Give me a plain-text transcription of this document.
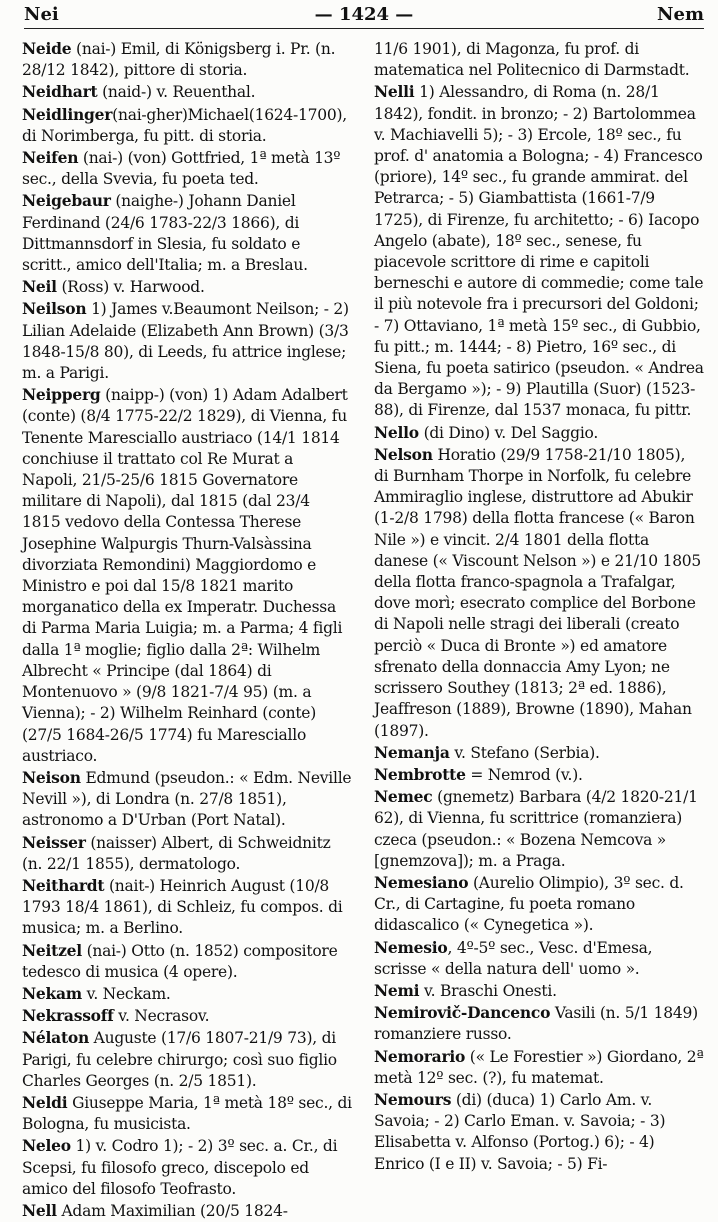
Nei	— 1424 —	Nem

Neide (nai-) Emil, di Königsberg i. Pr. (n. 28/12 1842), pittore di storia.

Neidhart (naid-) v. Reuenthal.

Neidlinger(nai-gher)Michael(1624-1700), di Norimberga, fu pitt. di storia.

Neifen (nai-) (von) Gottfried, 1ª metà 13º sec., della Svevia, fu poeta ted.

Neigebaur (naighe-) Johann Daniel Ferdinand (24/6 1783-22/3 1866), di Dittmannsdorf in Slesia, fu soldato e scritt., amico dell'Italia; m. a Breslau.

Neil (Ross) v. Harwood.

Neilson 1) James v.Beaumont Neilson; - 2) Lilian Adelaide (Elizabeth Ann Brown) (3/3 1848-15/8 80), di Leeds, fu attrice inglese; m. a Parigi.

Neipperg (naipp-) (von) 1) Adam Adalbert (conte) (8/4 1775-22/2 1829), di Vienna, fu Tenente Maresciallo austriaco (14/1 1814 conchiuse il trattato col Re Murat a Napoli, 21/5-25/6 1815 Governatore militare di Napoli), dal 1815 (dal 23/4 1815 vedovo della Contessa Therese Josephine Walpurgis Thurn-Valsàssina divorziata Remondini) Maggiordomo e Ministro e poi dal 15/8 1821 marito morganatico della ex Imperatr. Duchessa di Parma Maria Luigia; m. a Parma; 4 figli dalla 1ª moglie; figlio dalla 2ª: Wilhelm Albrecht « Principe (dal 1864) di Montenuovo » (9/8 1821-7/4 95) (m. a Vienna); - 2) Wilhelm Reinhard (conte) (27/5 1684-26/5 1774) fu Maresciallo austriaco.

Neison Edmund (pseudon.: « Edm. Neville Nevill »), di Londra (n. 27/8 1851), astronomo a D'Urban (Port Natal).

Neisser (naisser) Albert, di Schweidnitz (n. 22/1 1855), dermatologo.

Neithardt (nait-) Heinrich August (10/8 1793 18/4 1861), di Schleiz, fu compos. di musica; m. a Berlino.

Neitzel (nai-) Otto (n. 1852) compositore tedesco di musica (4 opere).

Nekam v. Neckam.

Nekrassoff v. Necrasov.

Nélaton Auguste (17/6 1807-21/9 73), di Parigi, fu celebre chirurgo; così suo figlio Charles Georges (n. 2/5 1851).

Neldi Giuseppe Maria, 1ª metà 18º sec., di Bologna, fu musicista.

Neleo 1) v. Codro 1); - 2) 3º sec. a. Cr., di Scepsi, fu filosofo greco, discepolo ed amico del filosofo Teofrasto.

Nell Adam Maximilian (20/5 1824-

11/6 1901), di Magonza, fu prof. di matematica nel Politecnico di Darmstadt.

Nelli 1) Alessandro, di Roma (n. 28/1 1842), fondit. in bronzo; - 2) Bartolommea v. Machiavelli 5); - 3) Ercole, 18º sec., fu prof. d' anatomia a Bologna; - 4) Francesco (priore), 14º sec., fu grande ammirat. del Petrarca; - 5) Giambattista (1661-7/9 1725), di Firenze, fu architetto; - 6) Iacopo Angelo (abate), 18º sec., senese, fu piacevole scrittore di rime e capitoli berneschi e autore di commedie; come tale il più notevole fra i precursori del Goldoni; - 7) Ottaviano, 1ª metà 15º sec., di Gubbio, fu pitt.; m. 1444; - 8) Pietro, 16º sec., di Siena, fu poeta satirico (pseudon. « Andrea da Bergamo »); - 9) Plautilla (Suor) (1523-88), di Firenze, dal 1537 monaca, fu pittr.

Nello (di Dino) v. Del Saggio.

Nelson Horatio (29/9 1758-21/10 1805), di Burnham Thorpe in Norfolk, fu celebre Ammiraglio inglese, distruttore ad Abukir (1-2/8 1798) della flotta francese (« Baron Nile ») e vincit. 2/4 1801 della flotta danese (« Viscount Nelson ») e 21/10 1805 della flotta franco-spagnola a Trafalgar, dove morì; esecrato complice del Borbone di Napoli nelle stragi dei liberali (creato perciò « Duca di Bronte ») ed amatore sfrenato della donnaccia Amy Lyon; ne scrissero Southey (1813; 2ª ed. 1886), Jeaffreson (1889), Browne (1890), Mahan (1897).

Nemanja v. Stefano (Serbia).

Nembrotte = Nemrod (v.).

Nemec (gnemetz) Barbara (4/2 1820-21/1 62), di Vienna, fu scrittrice (romanziera) czeca (pseudon.: « Bozena Nemcova » [gnemzova]); m. a Praga.

Nemesiano (Aurelio Olimpio), 3º sec. d. Cr., di Cartagine, fu poeta romano didascalico (« Cynegetica »).

Nemesio, 4º-5º sec., Vesc. d'Emesa, scrisse « della natura dell' uomo ».

Nemi v. Braschi Onesti.

Nemirovič-Dancenco Vasili (n. 5/1 1849) romanziere russo.

Nemorario (« Le Forestier ») Giordano, 2ª metà 12º sec. (?), fu matemat.

Nemours (di) (duca) 1) Carlo Am. v. Savoia; - 2) Carlo Eman. v. Savoia; - 3) Elisabetta v. Alfonso (Portog.) 6); - 4) Enrico (I e II) v. Savoia; - 5) Fi-
